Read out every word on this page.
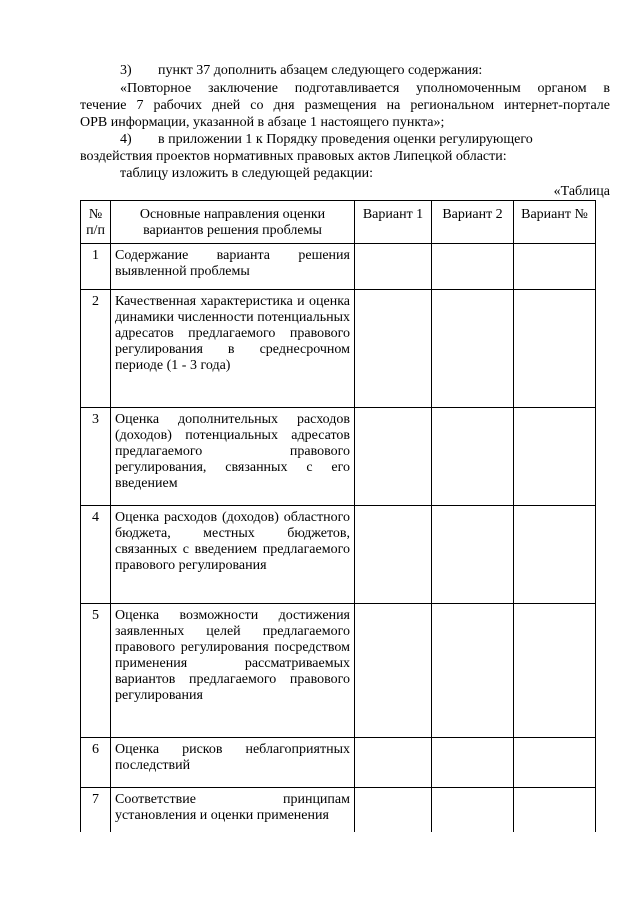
3) пункт 37 дополнить абзацем следующего содержания:
«Повторное заключение подготавливается уполномоченным органом в
течение 7 рабочих дней со дня размещения на региональном интернет-портале
ОРВ информации, указанной в абзаце 1 настоящего пункта»;
4) в приложении 1 к Порядку проведения оценки регулирующего
воздействия проектов нормативных правовых актов Липецкой области:
таблицу изложить в следующей редакции:
«Таблица
№ п/п	Основные направления оценки вариантов решения проблемы	Вариант 1	Вариант 2	Вариант №
1	Содержание варианта решения выявленной проблемы			
2	Качественная характеристика и оценка динамики численности потенциальных адресатов предлагаемого правового регулирования в среднесрочном периоде (1 - 3 года)			
3	Оценка дополнительных расходов (доходов) потенциальных адресатов предлагаемого правового регулирования, связанных с его введением			
4	Оценка расходов (доходов) областного бюджета, местных бюджетов, связанных с введением предлагаемого правового регулирования			
5	Оценка возможности достижения заявленных целей предлагаемого правового регулирования посредством применения рассматриваемых вариантов предлагаемого правового регулирования			
6	Оценка рисков неблагоприятных последствий			
7	Соответствие принципам установления и оценки применения			
